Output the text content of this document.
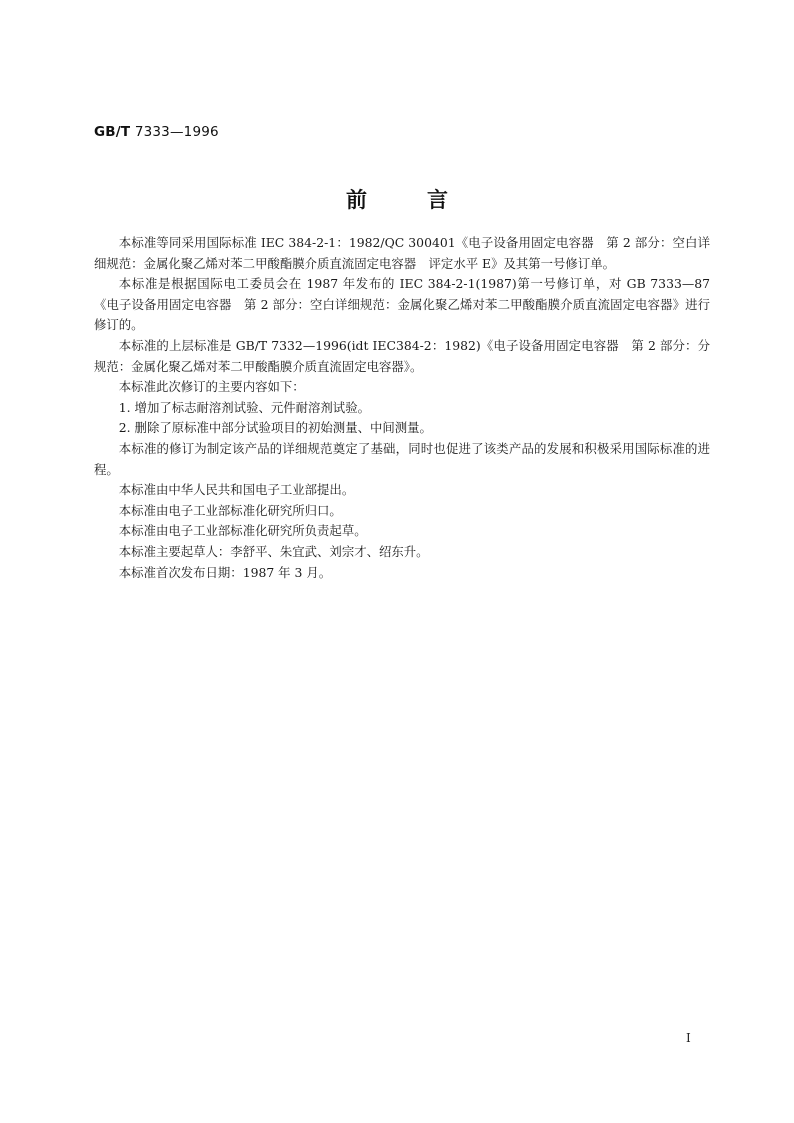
GB/T 7333—1996
前言

本标准等同采用国际标准 IEC 384-2-1：1982/QC 300401《电子设备用固定电容器　第 2 部分：空白详细规范：金属化聚乙烯对苯二甲酸酯膜介质直流固定电容器　评定水平 E》及其第一号修订单。

本标准是根据国际电工委员会在 1987 年发布的 IEC 384-2-1(1987)第一号修订单，对 GB 7333—87《电子设备用固定电容器　第 2 部分：空白详细规范：金属化聚乙烯对苯二甲酸酯膜介质直流固定电容器》进行修订的。

本标准的上层标准是 GB/T 7332—1996(idt IEC384-2：1982)《电子设备用固定电容器　第 2 部分：分规范：金属化聚乙烯对苯二甲酸酯膜介质直流固定电容器》。

本标准此次修订的主要内容如下：

1. 增加了标志耐溶剂试验、元件耐溶剂试验。

2. 删除了原标准中部分试验项目的初始测量、中间测量。

本标准的修订为制定该产品的详细规范奠定了基础，同时也促进了该类产品的发展和积极采用国际标准的进程。

本标准由中华人民共和国电子工业部提出。

本标准由电子工业部标准化研究所归口。

本标准由电子工业部标准化研究所负责起草。

本标准主要起草人：李舒平、朱宜武、刘宗才、绍东升。

本标准首次发布日期：1987 年 3 月。

I
